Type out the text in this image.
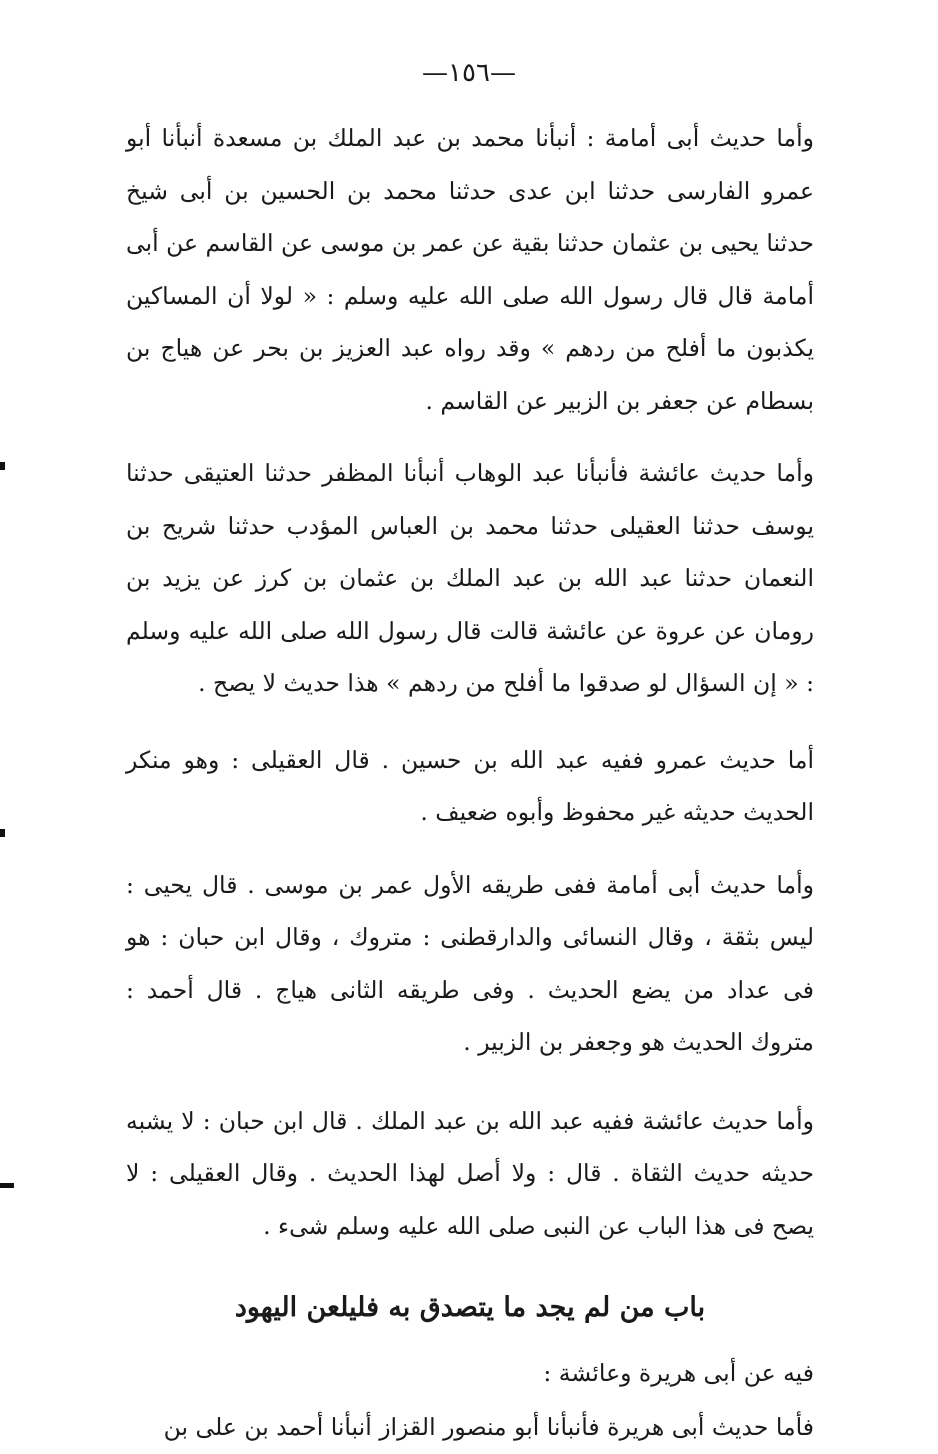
—١٥٦—

وأما حديث أبى أمامة : أنبأنا محمد بن عبد الملك بن مسعدة أنبأنا أبو عمرو الفارسى حدثنا ابن عدى حدثنا محمد بن الحسين بن أبى شيخ حدثنا يحيى بن عثمان حدثنا بقية عن عمر بن موسى عن القاسم عن أبى أمامة قال قال رسول الله صلى الله عليه وسلم : « لولا أن المساكين يكذبون ما أفلح من ردهم » وقد رواه عبد العزيز بن بحر عن هياج بن بسطام عن جعفر بن الزبير عن القاسم .

وأما حديث عائشة فأنبأنا عبد الوهاب أنبأنا المظفر حدثنا العتيقى حدثنا يوسف حدثنا العقيلى حدثنا محمد بن العباس المؤدب حدثنا شريح بن النعمان حدثنا عبد الله بن عبد الملك بن عثمان بن كرز عن يزيد بن رومان عن عروة عن عائشة قالت قال رسول الله صلى الله عليه وسلم : « إن السؤال لو صدقوا ما أفلح من ردهم » هذا حديث لا يصح .

أما حديث عمرو ففيه عبد الله بن حسين . قال العقيلى : وهو منكر الحديث حديثه غير محفوظ وأبوه ضعيف .

وأما حديث أبى أمامة ففى طريقه الأول عمر بن موسى . قال يحيى : ليس بثقة ، وقال النسائى والدارقطنى : متروك ، وقال ابن حبان : هو فى عداد من يضع الحديث . وفى طريقه الثانى هياج . قال أحمد : متروك الحديث هو وجعفر بن الزبير .

وأما حديث عائشة ففيه عبد الله بن عبد الملك . قال ابن حبان : لا يشبه حديثه حديث الثقاة . قال : ولا أصل لهذا الحديث . وقال العقيلى : لا يصح فى هذا الباب عن النبى صلى الله عليه وسلم شىء .

باب من لم يجد ما يتصدق به فليلعن اليهود

فيه عن أبى هريرة وعائشة :

فأما حديث أبى هريرة فأنبأنا أبو منصور القزاز أنبأنا أحمد بن على بن
